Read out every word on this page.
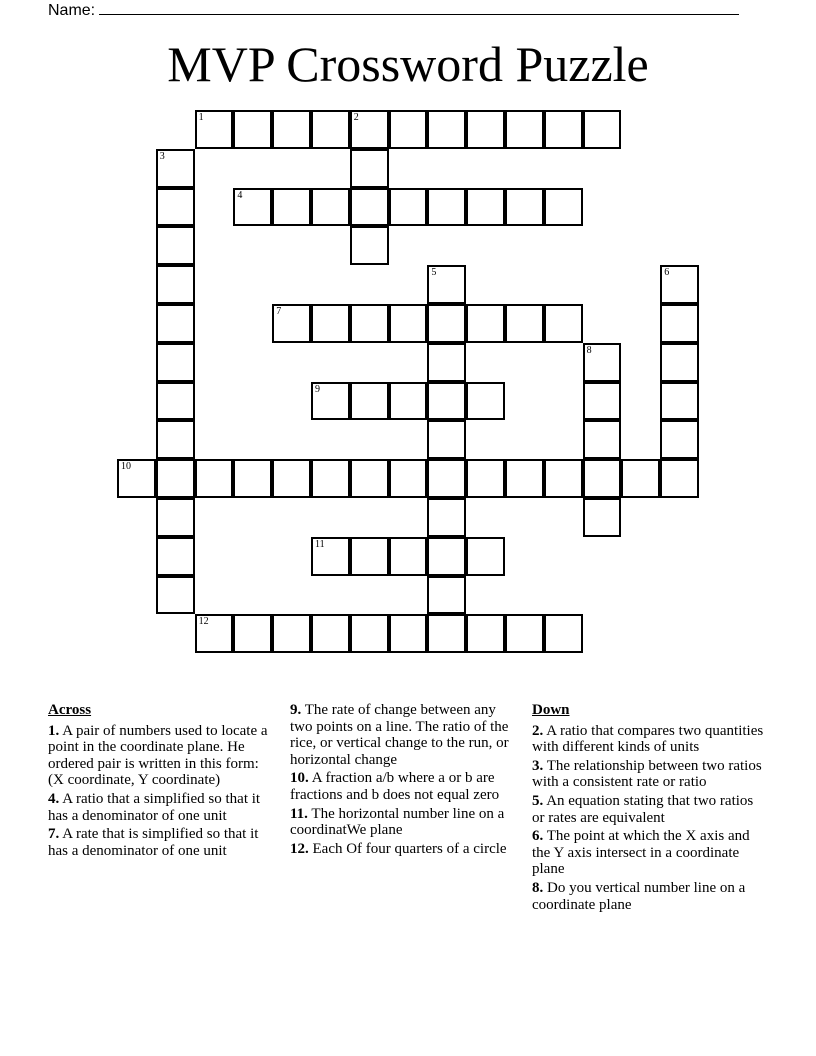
Name:
MVP Crossword Puzzle
1	2
3
4
5	6
7
8
9
10
11
12
Across
1. A pair of numbers used to locate a point in the coordinate plane. He ordered pair is written in this form: (X coordinate, Y coordinate)
4. A ratio that a simplified so that it has a denominator of one unit
7. A rate that is simplified so that it has a denominator of one unit
9. The rate of change between any two points on a line. The ratio of the rice, or vertical change to the run, or horizontal change
10. A fraction a/b where a or b are fractions and b does not equal zero
11. The horizontal number line on a coordinatWe plane
12. Each Of four quarters of a circle
Down
2. A ratio that compares two quantities with different kinds of units
3. The relationship between two ratios with a consistent rate or ratio
5. An equation stating that two ratios or rates are equivalent
6. The point at which the X axis and the Y axis intersect in a coordinate plane
8. Do you vertical number line on a coordinate plane
